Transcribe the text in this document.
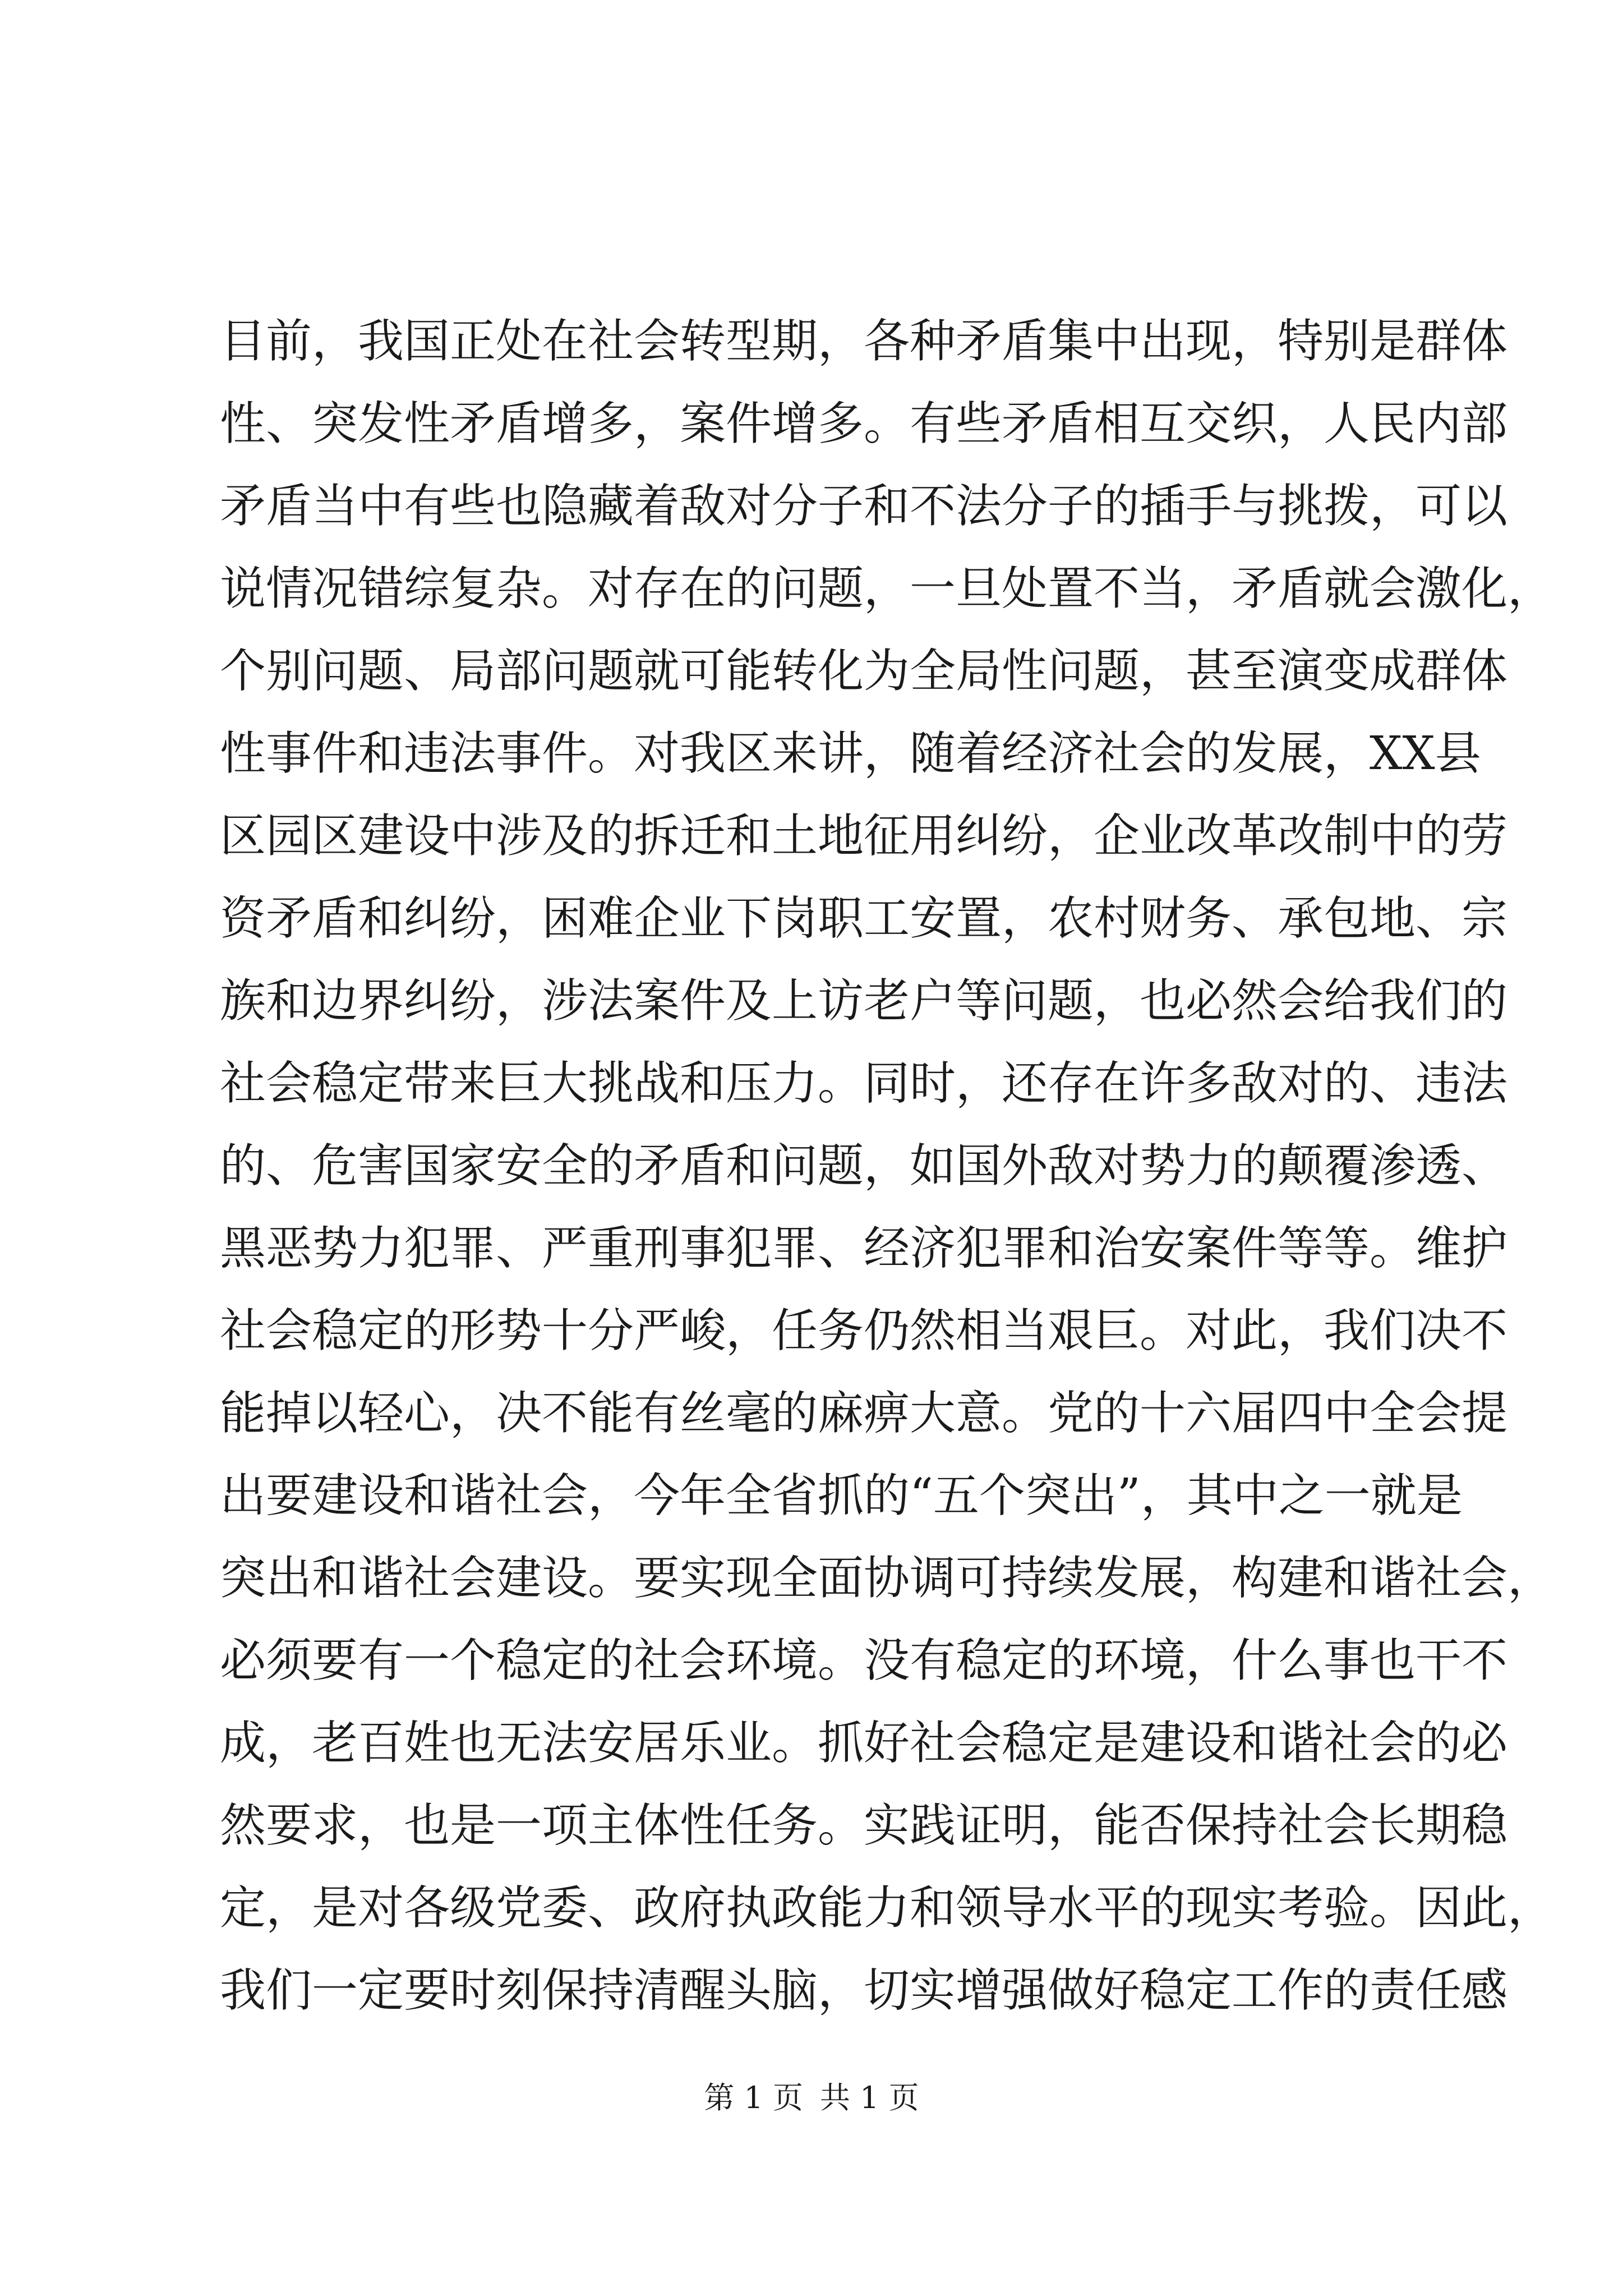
目前，我国正处在社会转型期，各种矛盾集中出现，特别是群体
性、突发性矛盾增多，案件增多。有些矛盾相互交织，人民内部
矛盾当中有些也隐藏着敌对分子和不法分子的插手与挑拨，可以
说情况错综复杂。对存在的问题，一旦处置不当，矛盾就会激化，
个别问题、局部问题就可能转化为全局性问题，甚至演变成群体
性事件和违法事件。对我区来讲，随着经济社会的发展，XX县
区园区建设中涉及的拆迁和土地征用纠纷，企业改革改制中的劳
资矛盾和纠纷，困难企业下岗职工安置，农村财务、承包地、宗
族和边界纠纷，涉法案件及上访老户等问题，也必然会给我们的
社会稳定带来巨大挑战和压力。同时，还存在许多敌对的、违法
的、危害国家安全的矛盾和问题，如国外敌对势力的颠覆渗透、
黑恶势力犯罪、严重刑事犯罪、经济犯罪和治安案件等等。维护
社会稳定的形势十分严峻，任务仍然相当艰巨。对此，我们决不
能掉以轻心，决不能有丝毫的麻痹大意。党的十六届四中全会提
出要建设和谐社会，今年全省抓的“五个突出”，其中之一就是
突出和谐社会建设。要实现全面协调可持续发展，构建和谐社会，
必须要有一个稳定的社会环境。没有稳定的环境，什么事也干不
成，老百姓也无法安居乐业。抓好社会稳定是建设和谐社会的必
然要求，也是一项主体性任务。实践证明，能否保持社会长期稳
定，是对各级党委、政府执政能力和领导水平的现实考验。因此，
我们一定要时刻保持清醒头脑，切实增强做好稳定工作的责任感
第 1 页 共 1 页
